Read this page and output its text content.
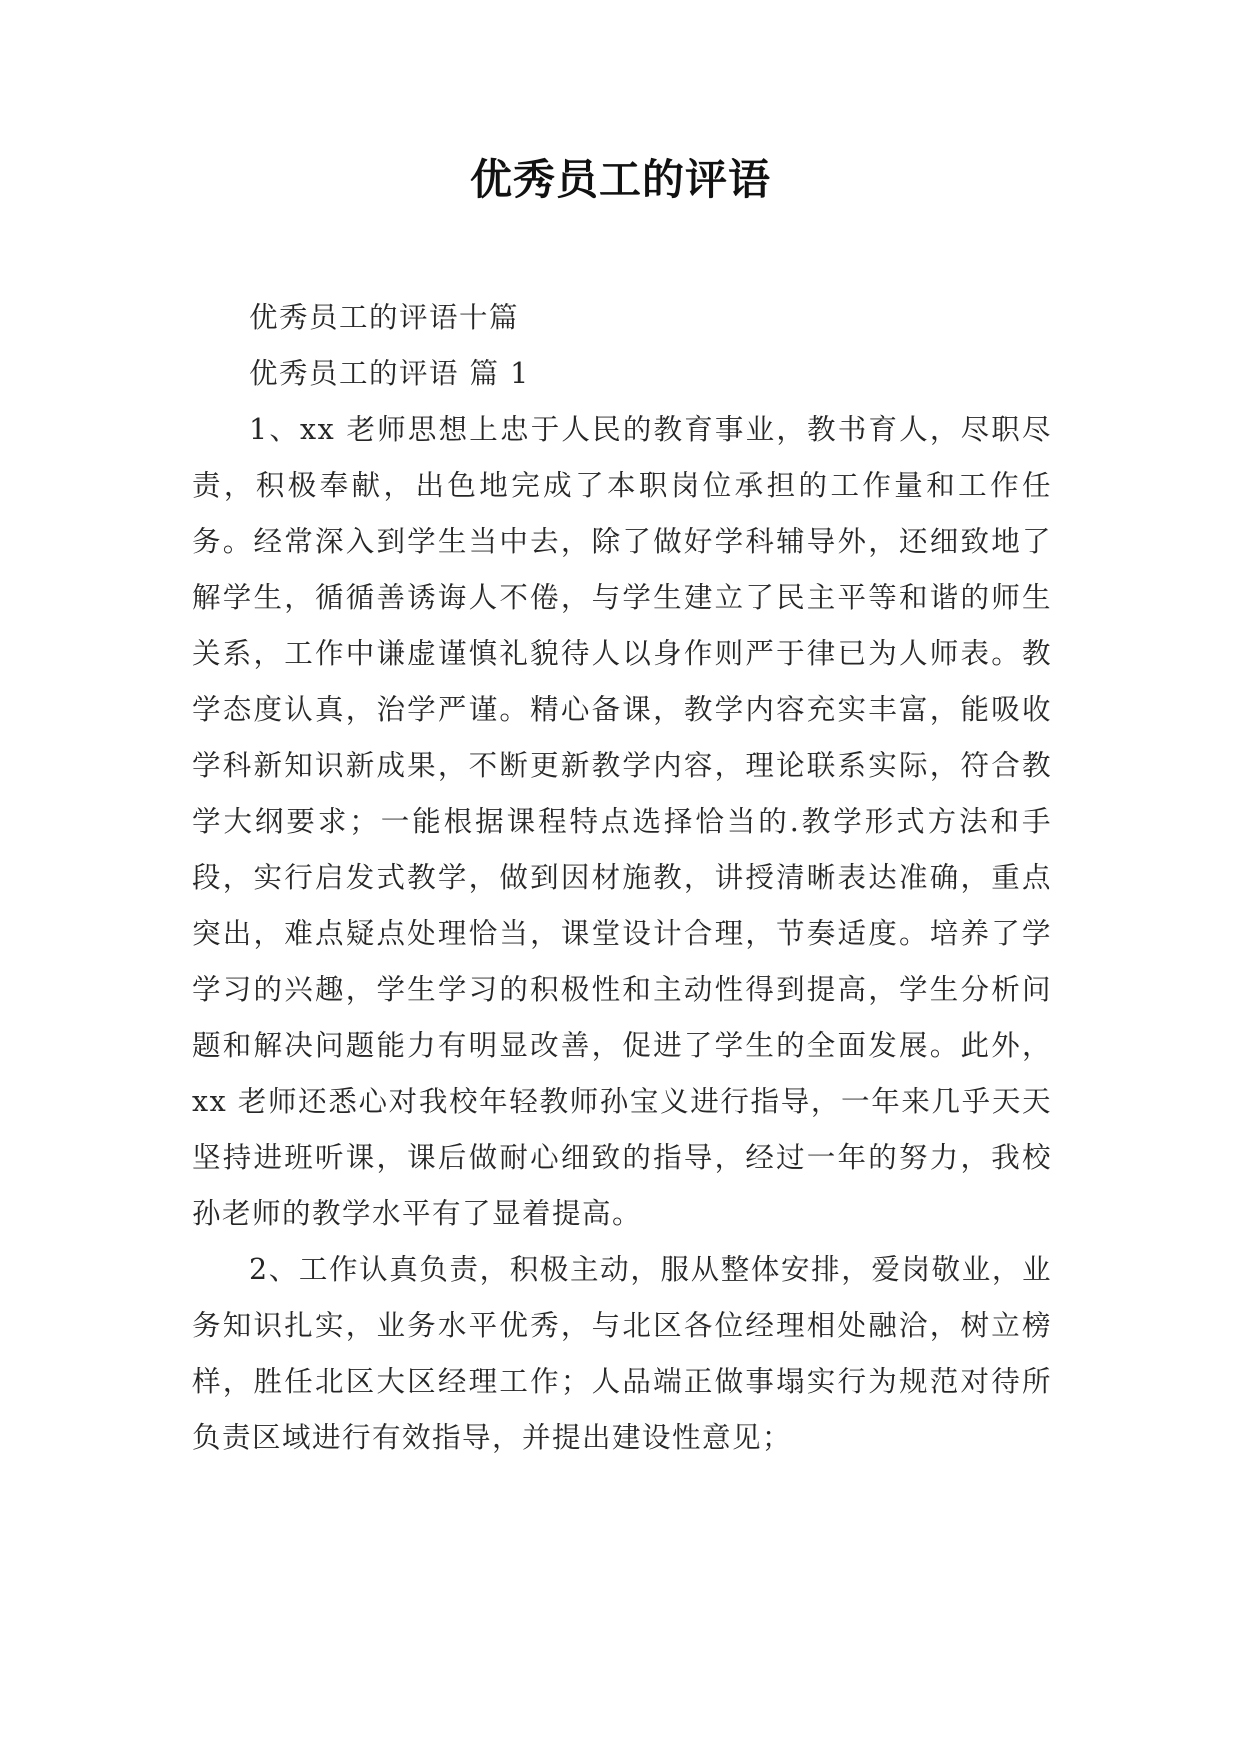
优秀员工的评语

优秀员工的评语十篇

优秀员工的评语 篇 1

1、xx 老师思想上忠于人民的教育事业，教书育人，尽职尽责，积极奉献，出色地完成了本职岗位承担的工作量和工作任务。经常深入到学生当中去，除了做好学科辅导外，还细致地了解学生，循循善诱诲人不倦，与学生建立了民主平等和谐的师生关系，工作中谦虚谨慎礼貌待人以身作则严于律已为人师表。教学态度认真，治学严谨。精心备课，教学内容充实丰富，能吸收学科新知识新成果，不断更新教学内容，理论联系实际，符合教学大纲要求；一能根据课程特点选择恰当的.教学形式方法和手段，实行启发式教学，做到因材施教，讲授清晰表达准确，重点突出，难点疑点处理恰当，课堂设计合理，节奏适度。培养了学学习的兴趣，学生学习的积极性和主动性得到提高，学生分析问题和解决问题能力有明显改善，促进了学生的全面发展。此外，xx 老师还悉心对我校年轻教师孙宝义进行指导，一年来几乎天天坚持进班听课，课后做耐心细致的指导，经过一年的努力，我校孙老师的教学水平有了显着提高。

2、工作认真负责，积极主动，服从整体安排，爱岗敬业，业务知识扎实，业务水平优秀，与北区各位经理相处融洽，树立榜样，胜任北区大区经理工作；人品端正做事塌实行为规范对待所负责区域进行有效指导，并提出建设性意见；
